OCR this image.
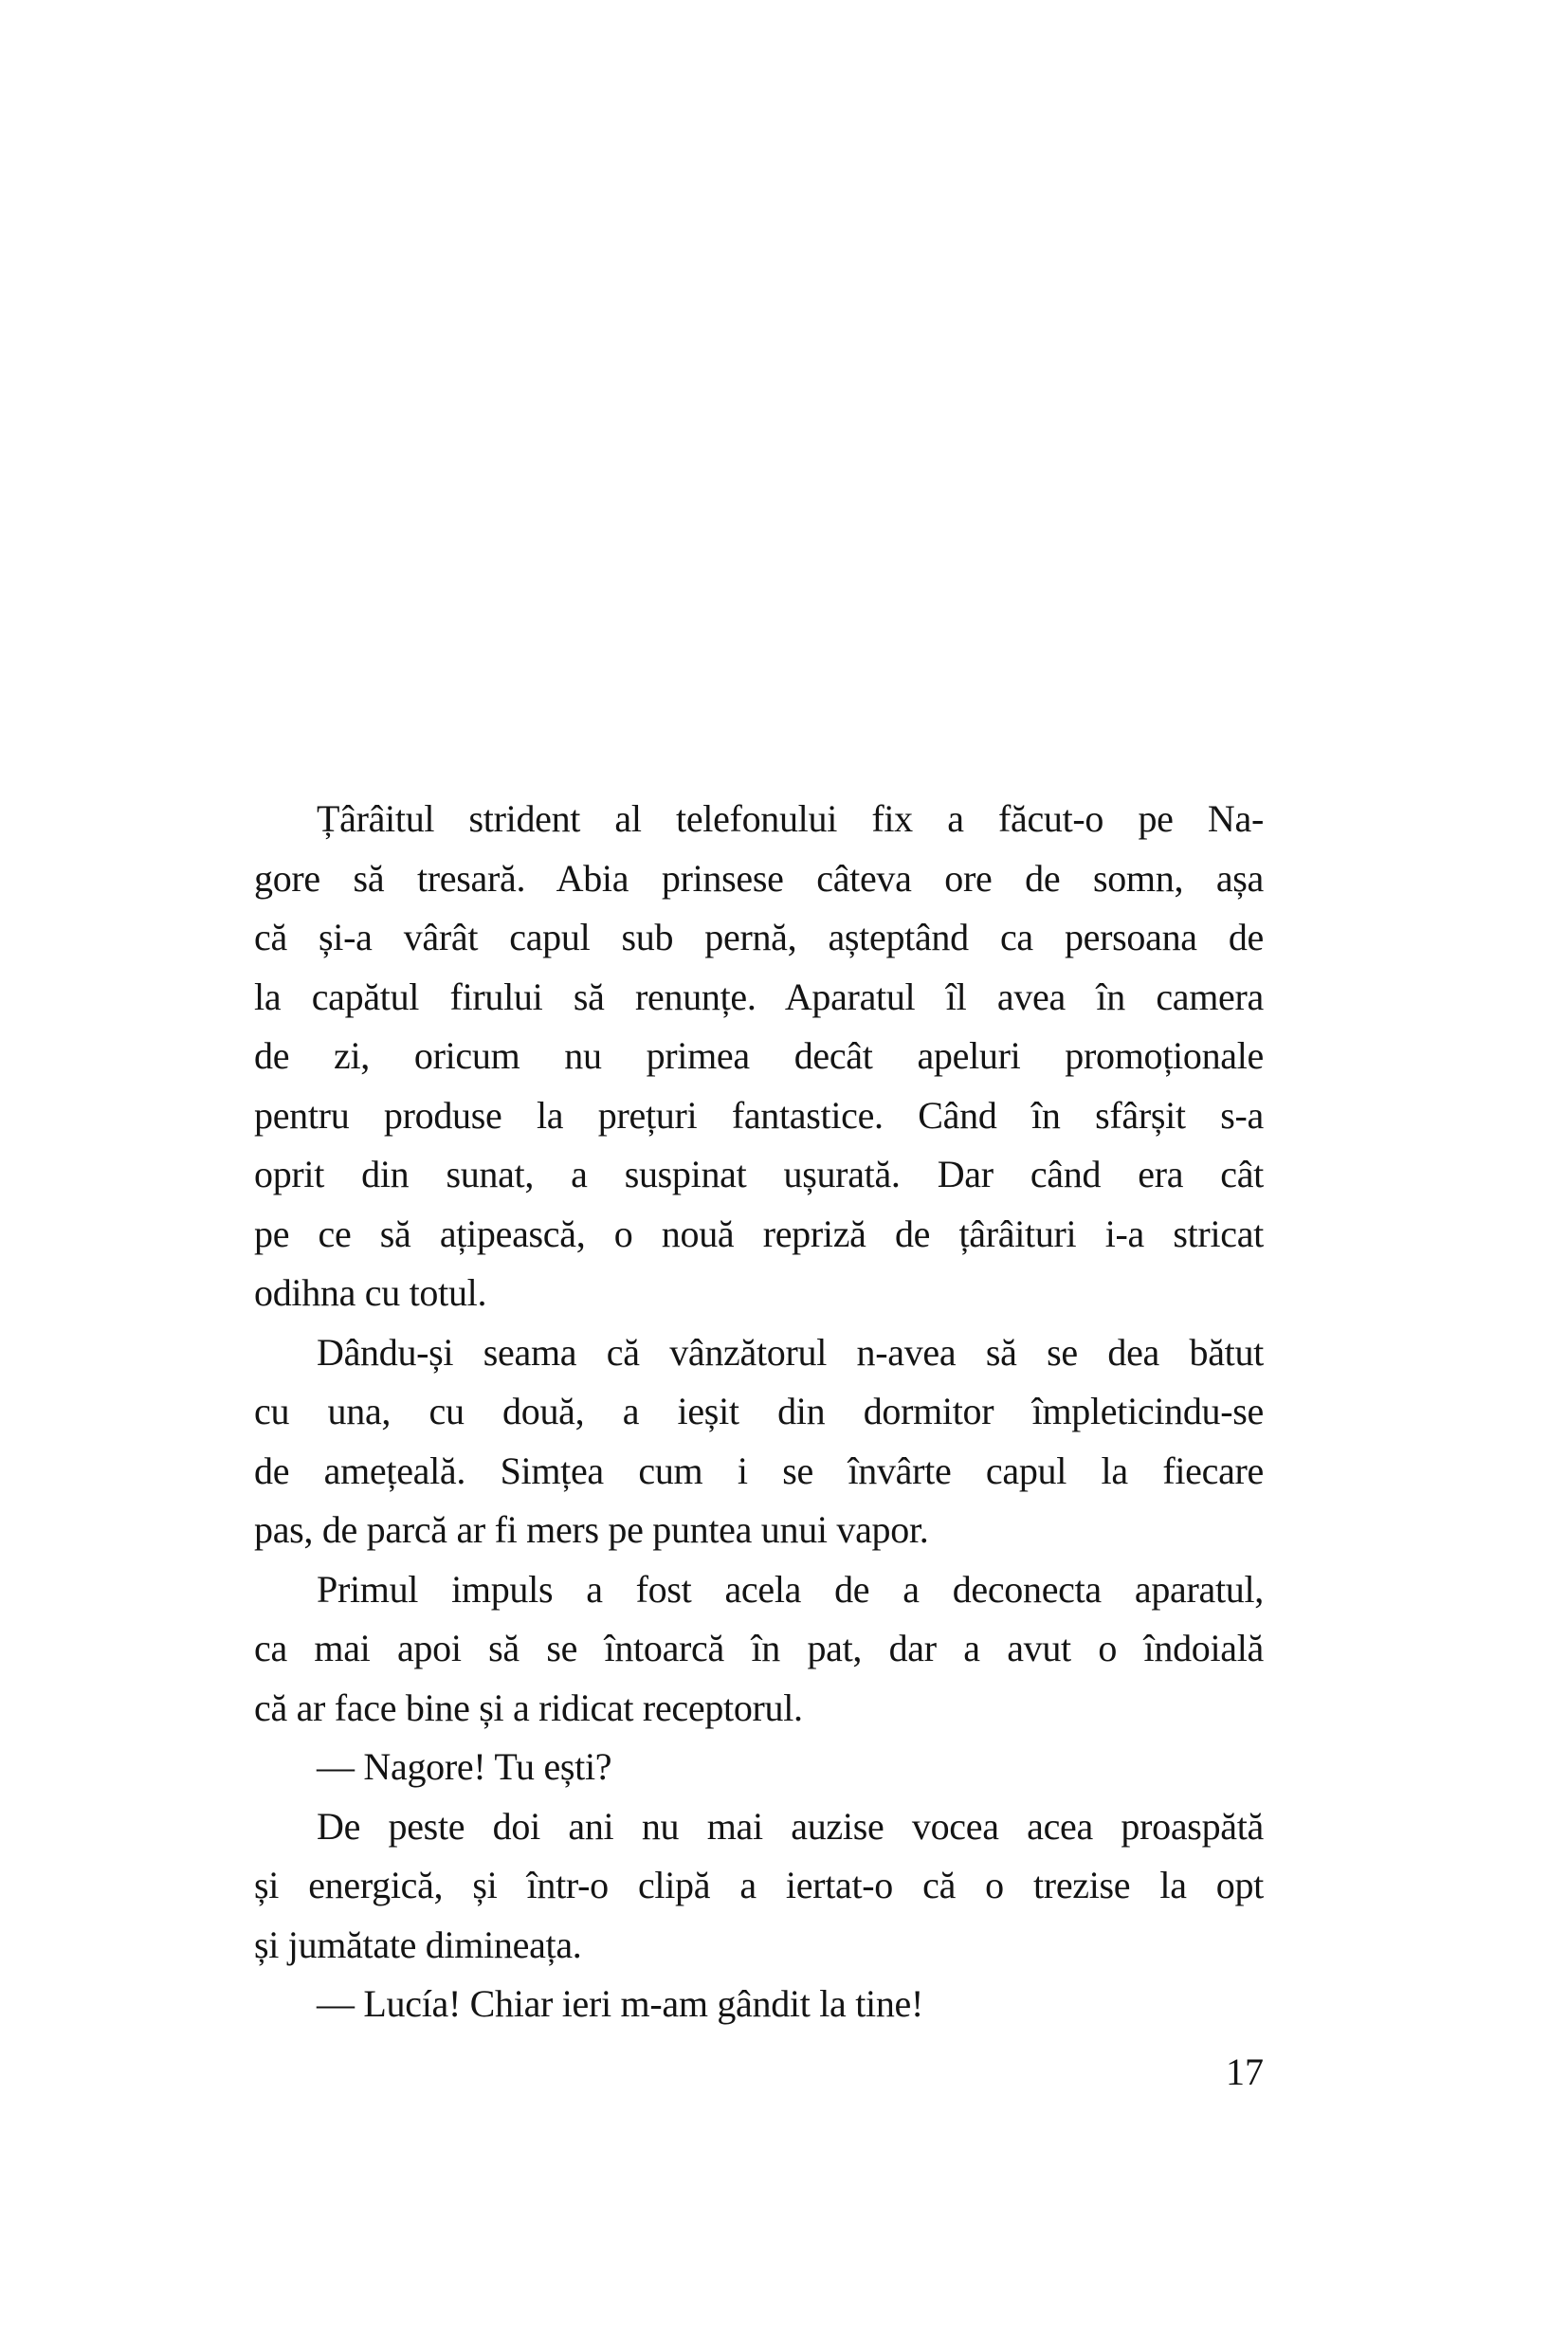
Țârâitul strident al telefonului fix a făcut-o pe Na-
gore să tresară. Abia prinsese câteva ore de somn, așa
că și-a vârât capul sub pernă, așteptând ca persoana de
la capătul firului să renunțe. Aparatul îl avea în camera
de zi, oricum nu primea decât apeluri promoționale
pentru produse la prețuri fantastice. Când în sfârșit s-a
oprit din sunat, a suspinat ușurată. Dar când era cât
pe ce să ațipească, o nouă repriză de țârâituri i-a stricat
odihna cu totul.
Dându-și seama că vânzătorul n-avea să se dea bătut
cu una, cu două, a ieșit din dormitor împleticindu-se
de amețeală. Simțea cum i se învârte capul la fiecare
pas, de parcă ar fi mers pe puntea unui vapor.
Primul impuls a fost acela de a deconecta aparatul,
ca mai apoi să se întoarcă în pat, dar a avut o îndoială
că ar face bine și a ridicat receptorul.
— Nagore! Tu ești?
De peste doi ani nu mai auzise vocea acea proaspătă
și energică, și într-o clipă a iertat-o că o trezise la opt
și jumătate dimineața.
— Lucía! Chiar ieri m-am gândit la tine!
17
